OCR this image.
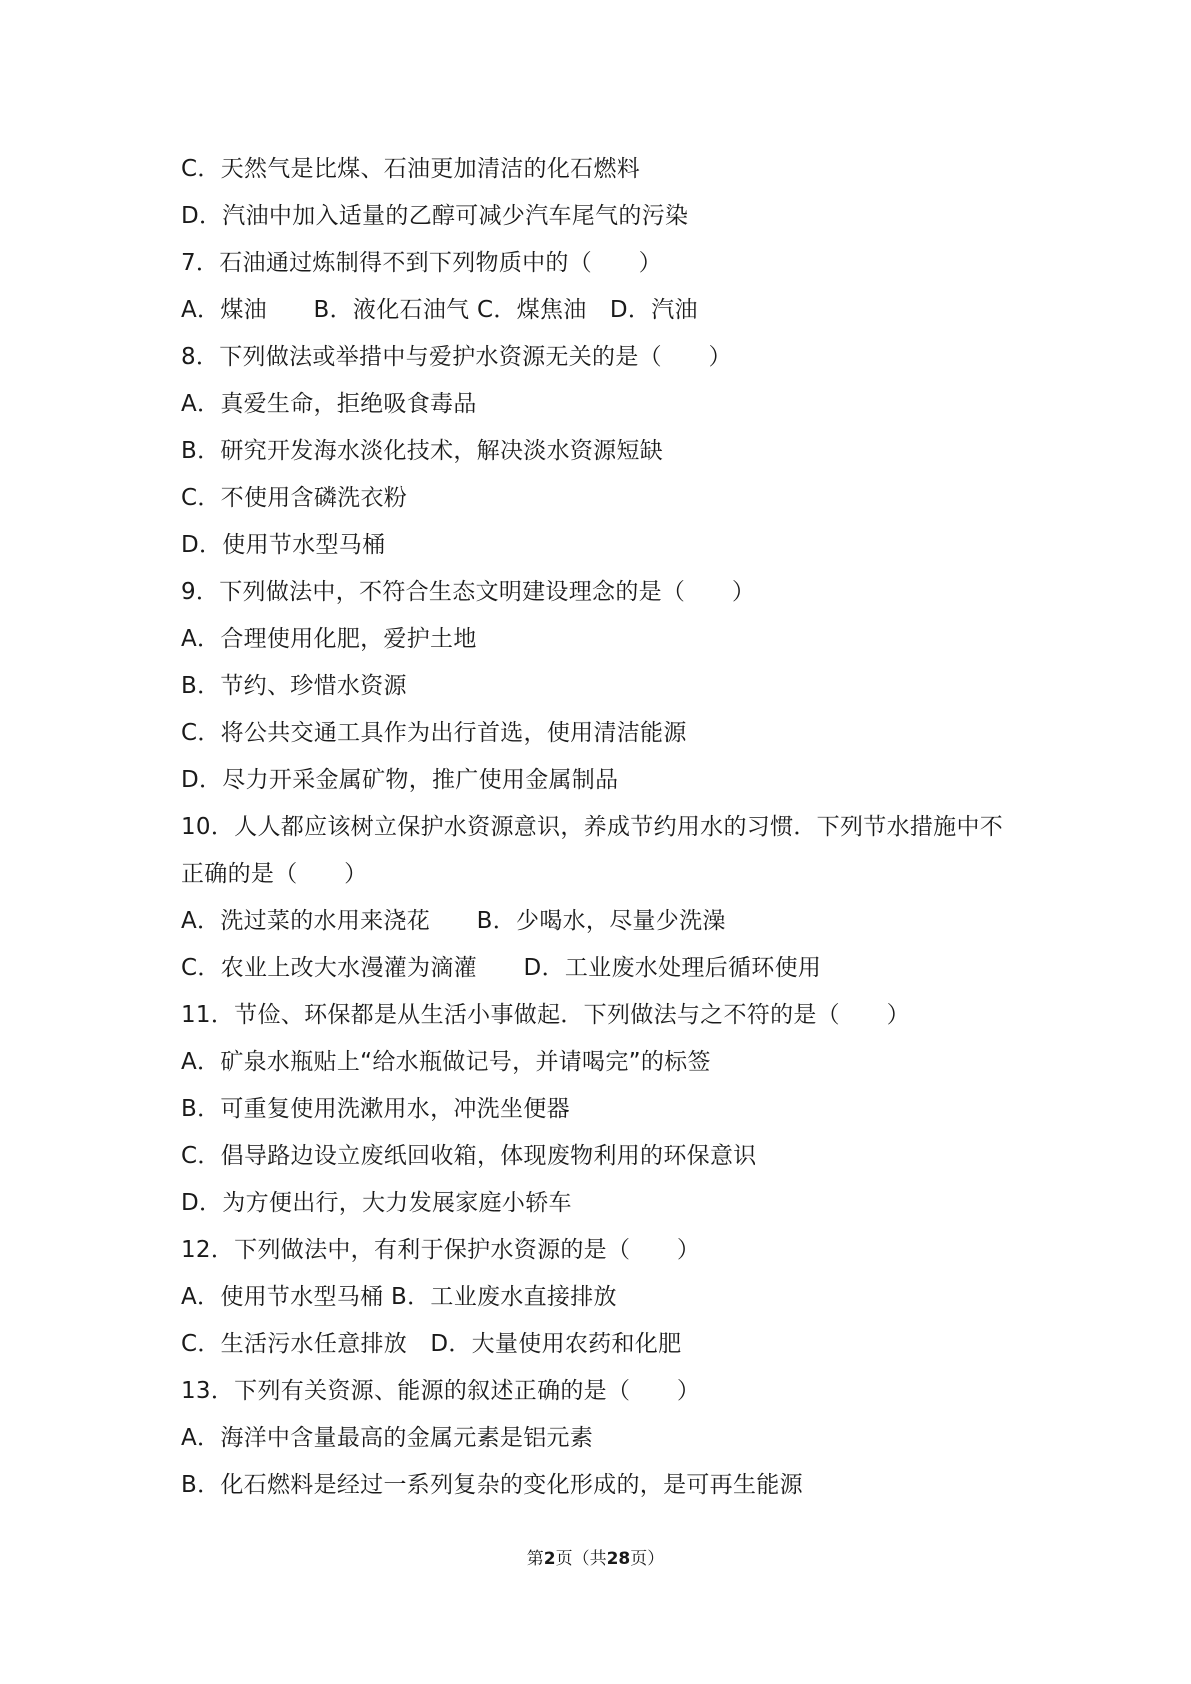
C．天然气是比煤、石油更加清洁的化石燃料
D．汽油中加入适量的乙醇可减少汽车尾气的污染
7．石油通过炼制得不到下列物质中的（　　）
A．煤油　　B．液化石油气 C．煤焦油　D．汽油
8．下列做法或举措中与爱护水资源无关的是（　　）
A．真爱生命，拒绝吸食毒品
B．研究开发海水淡化技术，解决淡水资源短缺
C．不使用含磷洗衣粉
D．使用节水型马桶
9．下列做法中，不符合生态文明建设理念的是（　　）
A．合理使用化肥，爱护土地
B．节约、珍惜水资源
C．将公共交通工具作为出行首选，使用清洁能源
D．尽力开采金属矿物，推广使用金属制品
10．人人都应该树立保护水资源意识，养成节约用水的习惯．下列节水措施中不
正确的是（　　）
A．洗过菜的水用来浇花　　B．少喝水，尽量少洗澡
C．农业上改大水漫灌为滴灌　　D．工业废水处理后循环使用
11．节俭、环保都是从生活小事做起．下列做法与之不符的是（　　）
A．矿泉水瓶贴上“给水瓶做记号，并请喝完”的标签
B．可重复使用洗漱用水，冲洗坐便器
C．倡导路边设立废纸回收箱，体现废物利用的环保意识
D．为方便出行，大力发展家庭小轿车
12．下列做法中，有利于保护水资源的是（　　）
A．使用节水型马桶 B．工业废水直接排放
C．生活污水任意排放　D．大量使用农药和化肥
13．下列有关资源、能源的叙述正确的是（　　）
A．海洋中含量最高的金属元素是铝元素
B．化石燃料是经过一系列复杂的变化形成的，是可再生能源
第2页（共28页）
